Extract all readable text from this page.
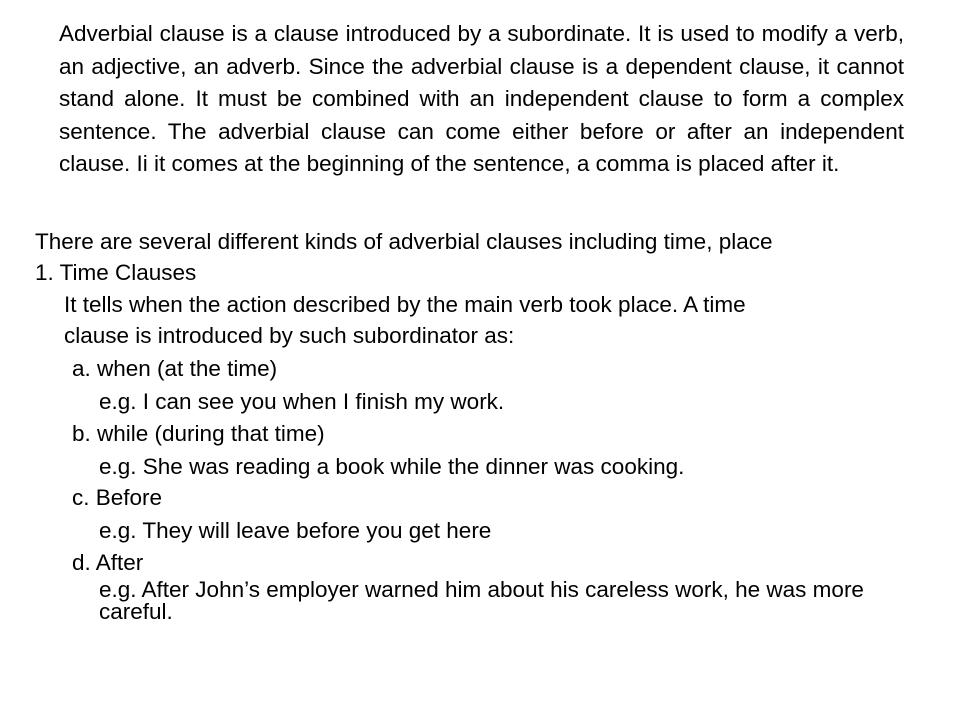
Adverbial clause is a clause introduced by a subordinate. It is used to modify a verb, an adjective, an adverb. Since the adverbial clause is a dependent clause, it cannot stand alone. It must be combined with an independent clause to form a complex sentence. The adverbial clause can come either before or after an independent clause. Ii it comes at the beginning of the sentence, a comma is placed after it.

There are several different kinds of adverbial clauses including time, place

1. Time Clauses

It tells when the action described by the main verb took place. A time

clause is introduced by such subordinator as:

a. when (at the time)

e.g. I can see you when I finish my work.

b. while (during that time)

e.g. She was reading a book while the dinner was cooking.

c. Before

e.g. They will leave before you get here

d. After

e.g. After John’s employer warned him about his careless work, he was more careful.
